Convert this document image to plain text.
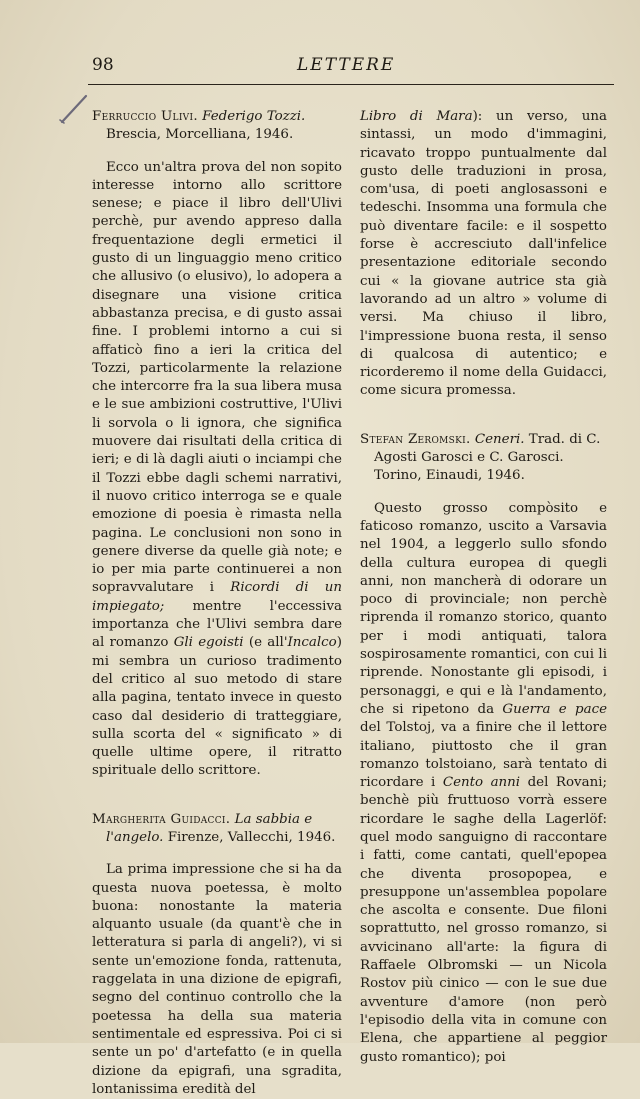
98	LETTERE

Ferruccio Ulivi. Federigo Tozzi. Brescia, Morcelliana, 1946.

Ecco un'altra prova del non sopito interesse intorno allo scrittore senese; e piace il libro dell'Ulivi perchè, pur avendo appreso dalla frequentazione degli ermetici il gusto di un linguaggio meno critico che allusivo (o elusivo), lo adopera a disegnare una visione critica abbastanza precisa, e di gusto assai fine. I problemi intorno a cui si affaticò fino a ieri la critica del Tozzi, particolarmente la relazione che intercorre fra la sua libera musa e le sue ambizioni costruttive, l'Ulivi li sorvola o li ignora, che significa muovere dai risultati della critica di ieri; e di là dagli aiuti o inciampi che il Tozzi ebbe dagli schemi narrativi, il nuovo critico interroga se e quale emozione di poesia è rimasta nella pagina. Le conclusioni non sono in genere diverse da quelle già note; e io per mia parte continuerei a non sopravvalutare i Ricordi di un impiegato; mentre l'eccessiva importanza che l'Ulivi sembra dare al romanzo Gli egoisti (e all'Incalco) mi sembra un curioso tradimento del critico al suo metodo di stare alla pagina, tentato invece in questo caso dal desiderio di tratteggiare, sulla scorta del « significato » di quelle ultime opere, il ritratto spirituale dello scrittore.

Margherita Guidacci. La sabbia e l'angelo. Firenze, Vallecchi, 1946.

La prima impressione che si ha da questa nuova poetessa, è molto buona: nonostante la materia alquanto usuale (da quant'è che in letteratura si parla di angeli?), vi si sente un'emozione fonda, rattenuta, raggelata in una dizione de epigrafi, segno del continuo controllo che la poetessa ha della sua materia sentimentale ed espressiva. Poi ci si sente un po' d'artefatto (e in quella dizione da epigrafi, una sgradita, lontanissima eredità del

Libro di Mara): un verso, una sintassi, un modo d'immagini, ricavato troppo puntualmente dal gusto delle traduzioni in prosa, com'usa, di poeti anglosassoni e tedeschi. Insomma una formula che può diventare facile: e il sospetto forse è accresciuto dall'infelice presentazione editoriale secondo cui « la giovane autrice sta già lavorando ad un altro » volume di versi. Ma chiuso il libro, l'impressione buona resta, il senso di qualcosa di autentico; e ricorderemo il nome della Guidacci, come sicura promessa.

Stefan Zeromski. Ceneri. Trad. di C. Agosti Garosci e C. Garosci. Torino, Einaudi, 1946.

Questo grosso compòsito e faticoso romanzo, uscito a Varsavia nel 1904, a leggerlo sullo sfondo della cultura europea di quegli anni, non mancherà di odorare un poco di provinciale; non perchè riprenda il romanzo storico, quanto per i modi antiquati, talora sospirosamente romantici, con cui li riprende. Nonostante gli episodi, i personaggi, e qui e là l'andamento, che si ripetono da Guerra e pace del Tolstoj, va a finire che il lettore italiano, piuttosto che il gran romanzo tolstoiano, sarà tentato di ricordare i Cento anni del Rovani; benchè più fruttuoso vorrà essere ricordare le saghe della Lagerlöf: quel modo sanguigno di raccontare i fatti, come cantati, quell'epopea che diventa prosopopea, e presuppone un'assemblea popolare che ascolta e consente. Due filoni soprattutto, nel grosso romanzo, si avvicinano all'arte: la figura di Raffaele Olbromski — un Nicola Rostov più cinico — con le sue due avventure d'amore (non però l'episodio della vita in comune con Elena, che appartiene al peggior gusto romantico); poi
